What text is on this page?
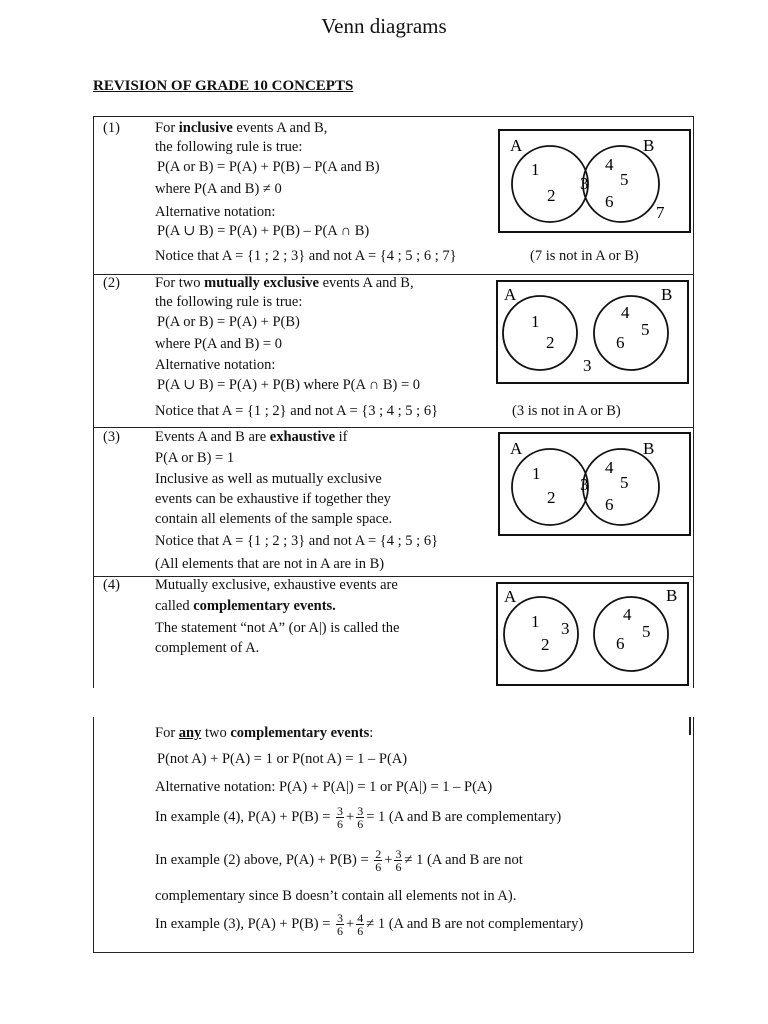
Venn diagrams
REVISION OF GRADE 10 CONCEPTS
(1) For inclusive events A and B,
the following rule is true:
P(A or B) = P(A) + P(B) – P(A and B)
where P(A and B) ≠ 0
Alternative notation:
P(A ∪ B) = P(A) + P(B) – P(A ∩ B)
Notice that A = {1 ; 2 ; 3} and not A = {4 ; 5 ; 6 ; 7}	(7 is not in A or B)
A	B
1
2
3
4
5
6
7
(2) For two mutually exclusive events A and B,
the following rule is true:
P(A or B) = P(A) + P(B)
where P(A and B) = 0
Alternative notation:
P(A ∪ B) = P(A) + P(B) where P(A ∩ B) = 0
Notice that A = {1 ; 2} and not A = {3 ; 4 ; 5 ; 6}	(3 is not in A or B)
A	B
1
2
3
4
5
6
(3) Events A and B are exhaustive if
P(A or B) = 1
Inclusive as well as mutually exclusive
events can be exhaustive if together they
contain all elements of the sample space.
Notice that A = {1 ; 2 ; 3} and not A = {4 ; 5 ; 6}
(All elements that are not in A are in B)
A	B
1
2
3
4
5
6
(4) Mutually exclusive, exhaustive events are
called complementary events.
The statement “not A” (or A|) is called the
complement of A.
A	B
1 3
2
4
5
6
For any two complementary events:
P(not A) + P(A) = 1 or P(not A) = 1 – P(A)
Alternative notation: P(A) + P(A|) = 1 or P(A|) = 1 – P(A)
In example (4), $P(A) + P(B) = \frac{3}{6} + \frac{3}{6} = 1$ (A and B are complementary)
In example (2) above, $P(A) + P(B) = \frac{2}{6} + \frac{3}{6} \ne 1$ (A and B are not
complementary since B doesn’t contain all elements not in A).
In example (3), $P(A) + P(B) = \frac{3}{6} + \frac{4}{6} \ne 1$ (A and B are not complementary)
